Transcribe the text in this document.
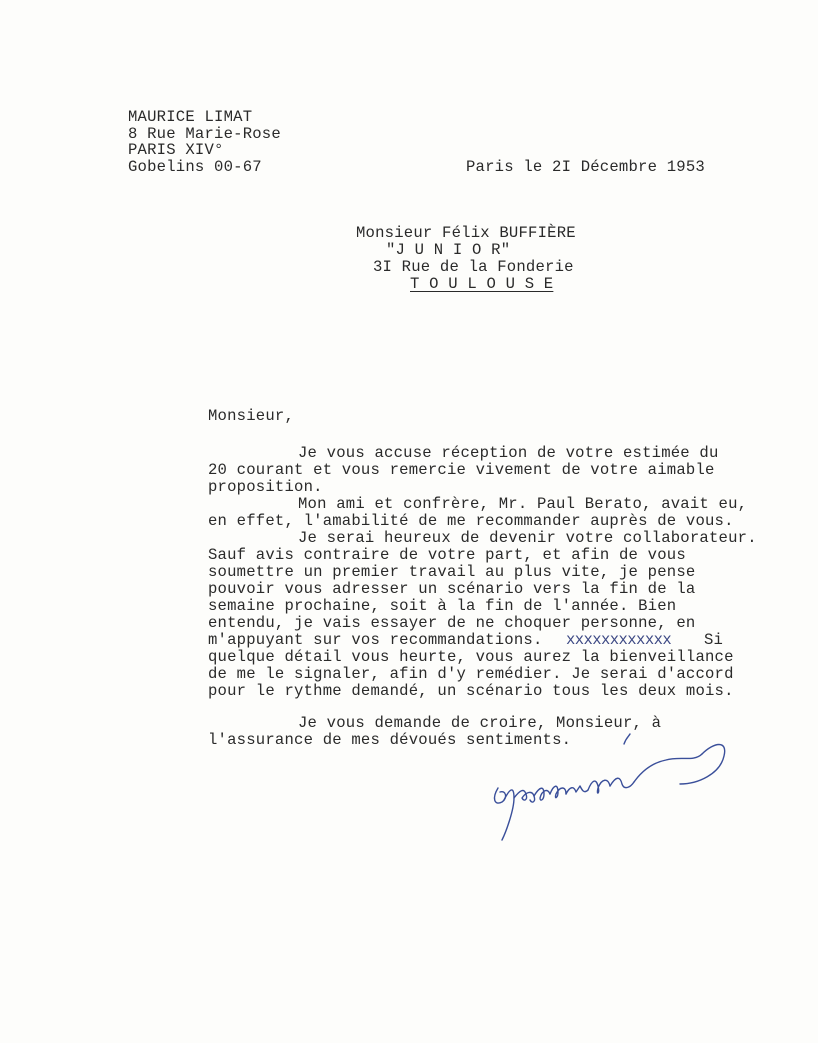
MAURICE LIMAT
8 Rue Marie-Rose
PARIS XIV°
Gobelins 00-67	Paris le 2I Décembre 1953
Monsieur Félix BUFFIÈRE
"J U N I O R"
3I Rue de la Fonderie
T O U L O U S E
Monsieur,
Je vous accuse réception de votre estimée du
20 courant et vous remercie vivement de votre aimable
proposition.
Mon ami et confrère, Mr. Paul Berato, avait eu,
en effet, l'amabilité de me recommander auprès de vous.
Je serai heureux de devenir votre collaborateur.
Sauf avis contraire de votre part, et afin de vous
soumettre un premier travail au plus vite, je pense
pouvoir vous adresser un scénario vers la fin de la
semaine prochaine, soit à la fin de l'année. Bien
entendu, je vais essayer de ne choquer personne, en
m'appuyant sur vos recommandations. xxxxxxxxxxxx Si
quelque détail vous heurte, vous aurez la bienveillance
de me le signaler, afin d'y remédier. Je serai d'accord
pour le rythme demandé, un scénario tous les deux mois.
Je vous demande de croire, Monsieur, à
l'assurance de mes dévoués sentiments.
